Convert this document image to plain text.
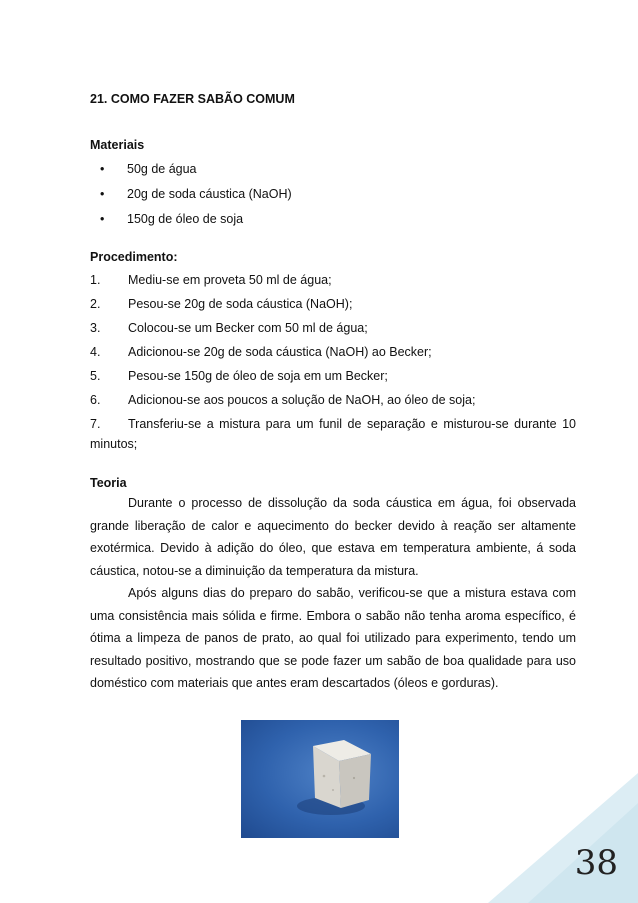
21. COMO FAZER SABÃO COMUM
Materiais
• 50g de água
• 20g de soda cáustica (NaOH)
• 150g de óleo de soja
Procedimento:
1. Mediu-se em proveta 50 ml de água;
2. Pesou-se 20g de soda cáustica (NaOH);
3. Colocou-se um Becker com 50 ml de água;
4. Adicionou-se 20g de soda cáustica (NaOH) ao Becker;
5. Pesou-se 150g de óleo de soja em um Becker;
6. Adicionou-se aos poucos a solução de NaOH, ao óleo de soja;
7. Transferiu-se a mistura para um funil de separação e misturou-se durante 10
minutos;
Teoria

Durante o processo de dissolução da soda cáustica em água, foi observada grande liberação de calor e aquecimento do becker devido à reação ser altamente exotérmica. Devido à adição do óleo, que estava em temperatura ambiente, á soda cáustica, notou-se a diminuição da temperatura da mistura.

Após alguns dias do preparo do sabão, verificou-se que a mistura estava com uma consistência mais sólida e firme. Embora o sabão não tenha aroma específico, é ótima a limpeza de panos de prato, ao qual foi utilizado para experimento, tendo um resultado positivo, mostrando que se pode fazer um sabão de boa qualidade para uso doméstico com materiais que antes eram descartados (óleos e gorduras).

38
